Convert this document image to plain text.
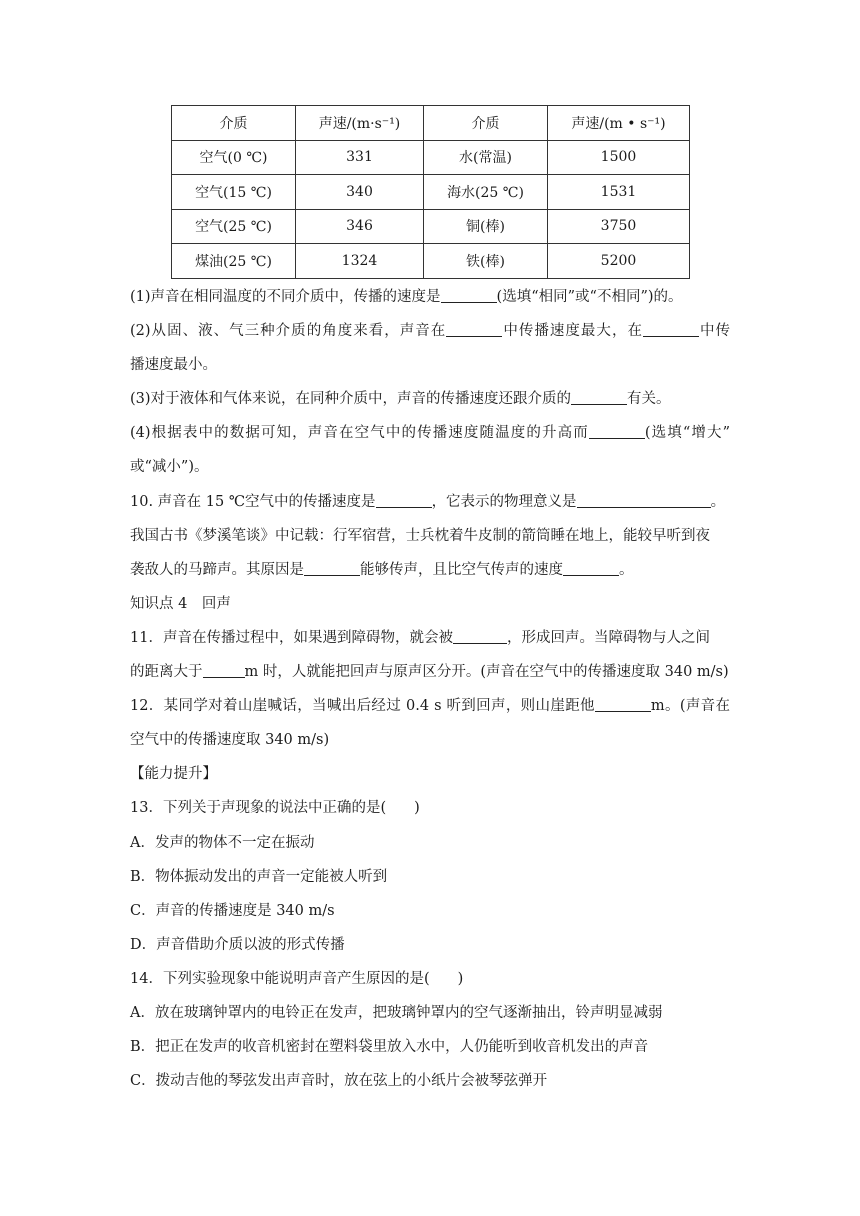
介质	声速/(m·s⁻¹)	介质	声速/(m • s⁻¹)
空气(0 ℃)	331	水(常温)	1500
空气(15 ℃)	340	海水(25 ℃)	1531
空气(25 ℃)	346	铜(棒)	3750
煤油(25 ℃)	1324	铁(棒)	5200
(1)声音在相同温度的不同介质中，传播的速度是	(选填“相同”或“不相同”)的。
(2)从固、液、气三种介质的角度来看，声音在	中传播速度最大，在	中传
播速度最小。
(3)对于液体和气体来说，在同种介质中，声音的传播速度还跟介质的	有关。
(4)根据表中的数据可知，声音在空气中的传播速度随温度的升高而	(选填“增大”
或“减小”)。
10. 声音在 15 ℃空气中的传播速度是	，它表示的物理意义是	。
我国古书《梦溪笔谈》中记载：行军宿营，士兵枕着牛皮制的箭筒睡在地上，能较早听到夜
袭敌人的马蹄声。其原因是	能够传声，且比空气传声的速度	。
知识点 4　回声
11．声音在传播过程中，如果遇到障碍物，就会被	，形成回声。当障碍物与人之间
的距离大于	m 时，人就能把回声与原声区分开。(声音在空气中的传播速度取 340 m/s)
12．某同学对着山崖喊话，当喊出后经过 0.4 s 听到回声，则山崖距他	m。(声音在
空气中的传播速度取 340 m/s)
【能力提升】
13．下列关于声现象的说法中正确的是( )
A．发声的物体不一定在振动
B．物体振动发出的声音一定能被人听到
C．声音的传播速度是 340 m/s
D．声音借助介质以波的形式传播
14．下列实验现象中能说明声音产生原因的是( )
A．放在玻璃钟罩内的电铃正在发声，把玻璃钟罩内的空气逐渐抽出，铃声明显减弱
B．把正在发声的收音机密封在塑料袋里放入水中，人仍能听到收音机发出的声音
C．拨动吉他的琴弦发出声音时，放在弦上的小纸片会被琴弦弹开
